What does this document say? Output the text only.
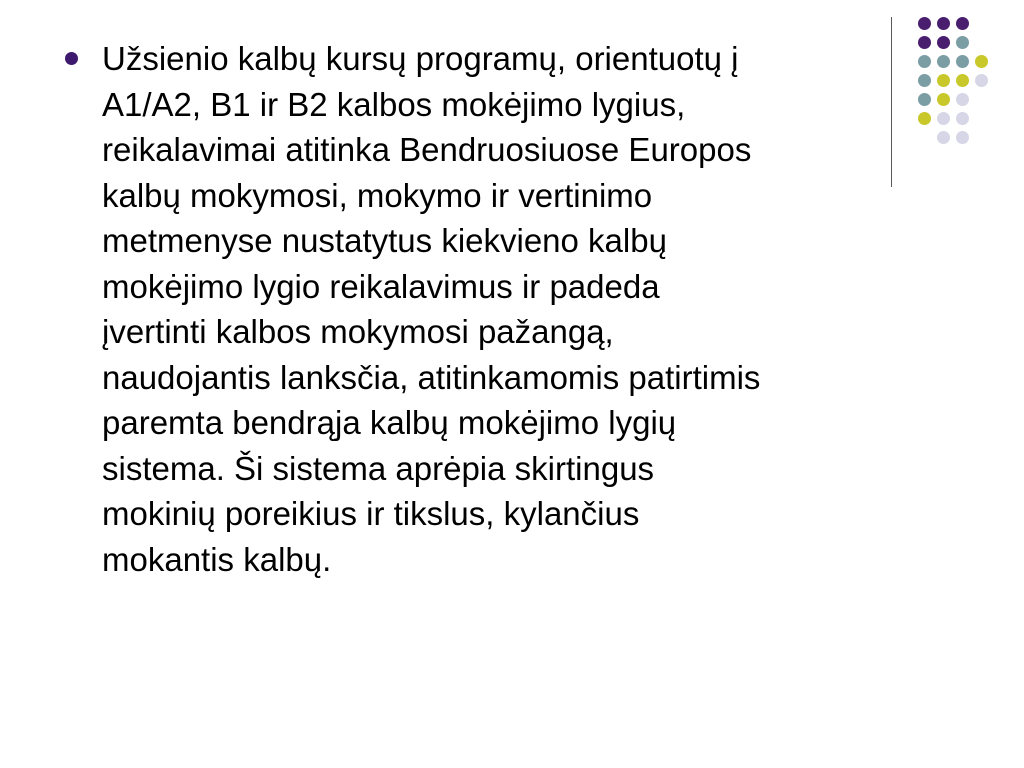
Užsienio kalbų kursų programų, orientuotų į
A1/A2, B1 ir B2 kalbos mokėjimo lygius,
reikalavimai atitinka Bendruosiuose Europos
kalbų mokymosi, mokymo ir vertinimo
metmenyse nustatytus kiekvieno kalbų
mokėjimo lygio reikalavimus ir padeda
įvertinti kalbos mokymosi pažangą,
naudojantis lanksčia, atitinkamomis patirtimis
paremta bendrąja kalbų mokėjimo lygių
sistema. Ši sistema aprėpia skirtingus
mokinių poreikius ir tikslus, kylančius
mokantis kalbų.
